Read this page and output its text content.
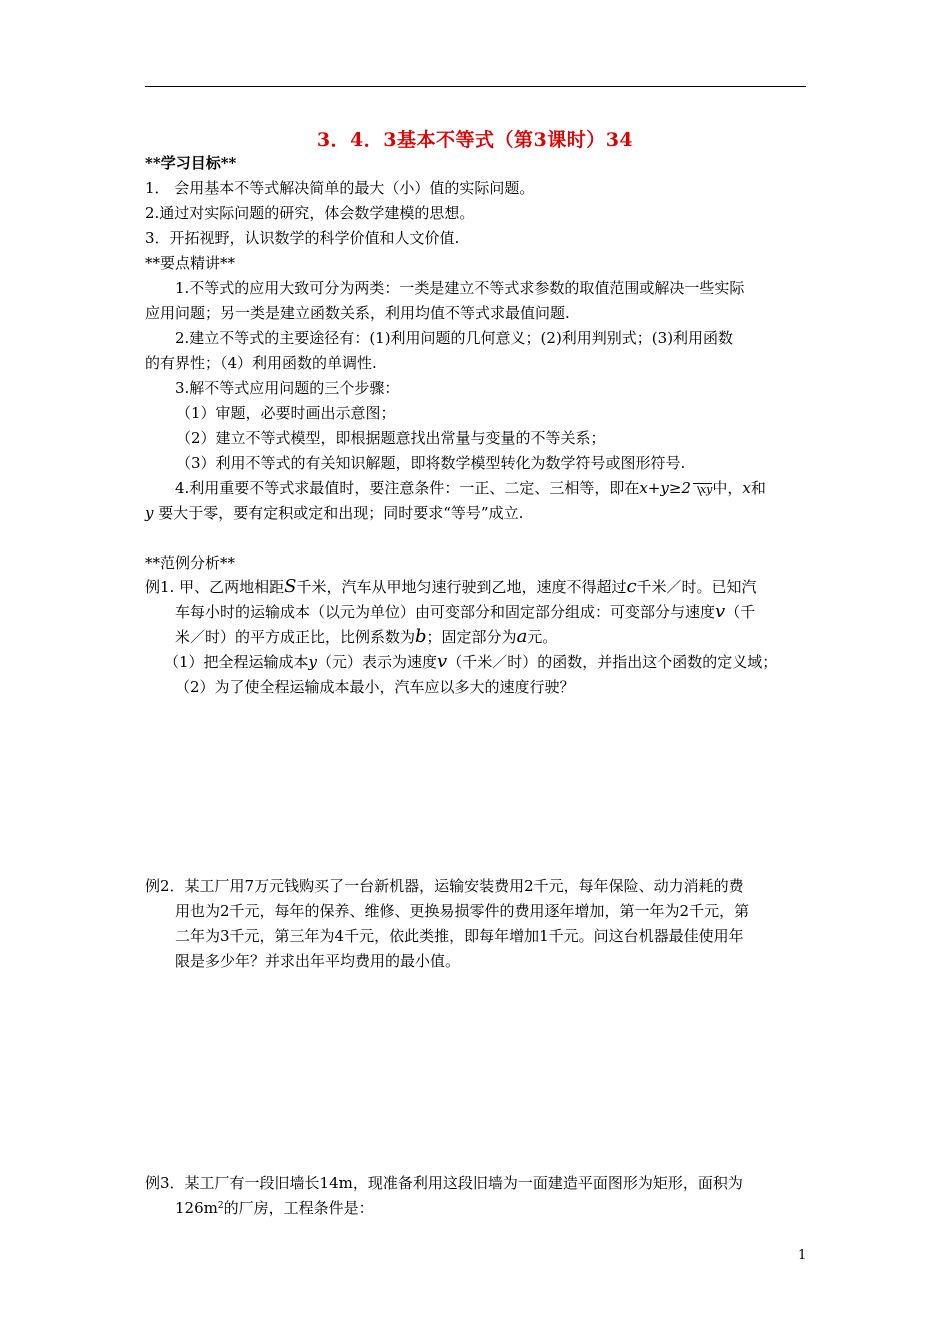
3．4．3基本不等式（第3课时）34
**学习目标**
1． 会用基本不等式解决简单的最大（小）值的实际问题。
2.通过对实际问题的研究，体会数学建模的思想。
3．开拓视野，认识数学的科学价值和人文价值.
**要点精讲**
1.不等式的应用大致可分为两类：一类是建立不等式求参数的取值范围或解决一些实际
应用问题；另一类是建立函数关系，利用均值不等式求最值问题.
2.建立不等式的主要途径有：(1)利用问题的几何意义；(2)利用判别式；(3)利用函数
的有界性；（4）利用函数的单调性.
3.解不等式应用问题的三个步骤：
（1）审题，必要时画出示意图；
（2）建立不等式模型，即根据题意找出常量与变量的不等关系；
（3）利用不等式的有关知识解题，即将数学模型转化为数学符号或图形符号.
4.利用重要不等式求最值时，要注意条件：一正、二定、三相等，即在x+y≥2 xy中，x和
y 要大于零，要有定积或定和出现；同时要求“等号”成立.
**范例分析**
例1. 甲、乙两地相距S千米，汽车从甲地匀速行驶到乙地，速度不得超过c千米／时。已知汽
车每小时的运输成本（以元为单位）由可变部分和固定部分组成：可变部分与速度v（千
米／时）的平方成正比，比例系数为b；固定部分为a元。
（1）把全程运输成本y（元）表示为速度v（千米／时）的函数，并指出这个函数的定义域；
（2）为了使全程运输成本最小，汽车应以多大的速度行驶？
例2．某工厂用7万元钱购买了一台新机器，运输安装费用2千元，每年保险、动力消耗的费
用也为2千元，每年的保养、维修、更换易损零件的费用逐年增加，第一年为2千元，第
二年为3千元，第三年为4千元，依此类推，即每年增加1千元。问这台机器最佳使用年
限是多少年？并求出年平均费用的最小值。
例3．某工厂有一段旧墙长14m，现准备利用这段旧墙为一面建造平面图形为矩形，面积为
$126m^2$的厂房，工程条件是：
1
